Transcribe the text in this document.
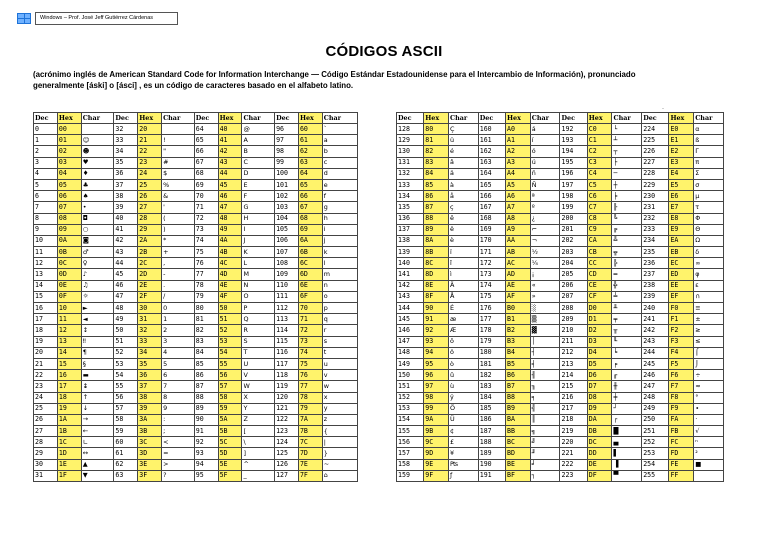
Windows – Prof. José Jeff Gutiérrez Cárdenas
CÓDIGOS ASCII
(acrónimo inglés de American Standard Code for Information Interchange — Código Estándar Estadounidense para el Intercambio de Información), pronunciado
generalmente [áski] o [ásci] , es un código de caracteres basado en el alfabeto latino.
·
Dec	Hex	Char	Dec	Hex	Char	Dec	Hex	Char	Dec	Hex	Char
0	00		32	20		64	40	@	96	60	`
1	01	☺	33	21	!	65	41	A	97	61	a
2	02	☻	34	22	"	66	42	B	98	62	b
3	03	♥	35	23	#	67	43	C	99	63	c
4	04	♦	36	24	$	68	44	D	100	64	d
5	05	♣	37	25	%	69	45	E	101	65	e
6	06	♠	38	26	&	70	46	F	102	66	f
7	07	•	39	27	'	71	47	G	103	67	g
8	08	◘	40	28	(	72	48	H	104	68	h
9	09	○	41	29	)	73	49	I	105	69	i
10	0A	◙	42	2A	*	74	4A	J	106	6A	j
11	0B	♂	43	2B	+	75	4B	K	107	6B	k
12	0C	♀	44	2C	,	76	4C	L	108	6C	l
13	0D	♪	45	2D	-	77	4D	M	109	6D	m
14	0E	♫	46	2E	.	78	4E	N	110	6E	n
15	0F	☼	47	2F	/	79	4F	O	111	6F	o
16	10	►	48	30	0	80	50	P	112	70	p
17	11	◄	49	31	1	81	51	Q	113	71	q
18	12	↕	50	32	2	82	52	R	114	72	r
19	13	‼	51	33	3	83	53	S	115	73	s
20	14	¶	52	34	4	84	54	T	116	74	t
21	15	§	53	35	5	85	55	U	117	75	u
22	16	▬	54	36	6	86	56	V	118	76	v
23	17	↨	55	37	7	87	57	W	119	77	w
24	18	↑	56	38	8	88	58	X	120	78	x
25	19	↓	57	39	9	89	59	Y	121	79	y
26	1A	→	58	3A	:	90	5A	Z	122	7A	z
27	1B	←	59	3B	;	91	5B	[	123	7B	{
28	1C	∟	60	3C	<	92	5C	\	124	7C	|
29	1D	↔	61	3D	=	93	5D	]	125	7D	}
30	1E	▲	62	3E	>	94	5E	^	126	7E	~
31	1F	▼	63	3F	?	95	5F	_	127	7F	⌂
Dec	Hex	Char	Dec	Hex	Char	Dec	Hex	Char	Dec	Hex	Char
128	80	Ç	160	A0	á	192	C0	└	224	E0	α
129	81	ü	161	A1	í	193	C1	┴	225	E1	ß
130	82	é	162	A2	ó	194	C2	┬	226	E2	Γ
131	83	â	163	A3	ú	195	C3	├	227	E3	π
132	84	ä	164	A4	ñ	196	C4	─	228	E4	Σ
133	85	à	165	A5	Ñ	197	C5	┼	229	E5	σ
134	86	å	166	A6	ª	198	C6	╞	230	E6	µ
135	87	ç	167	A7	º	199	C7	╟	231	E7	τ
136	88	ê	168	A8	¿	200	C8	╚	232	E8	Φ
137	89	ë	169	A9	⌐	201	C9	╔	233	E9	Θ
138	8A	è	170	AA	¬	202	CA	╩	234	EA	Ω
139	8B	ï	171	AB	½	203	CB	╦	235	EB	δ
140	8C	î	172	AC	¼	204	CC	╠	236	EC	∞
141	8D	ì	173	AD	¡	205	CD	═	237	ED	φ
142	8E	Ä	174	AE	«	206	CE	╬	238	EE	ε
143	8F	Å	175	AF	»	207	CF	╧	239	EF	∩
144	90	É	176	B0	░	208	D0	╨	240	F0	≡
145	91	æ	177	B1	▒	209	D1	╤	241	F1	±
146	92	Æ	178	B2	▓	210	D2	╥	242	F2	≥
147	93	ô	179	B3	│	211	D3	╙	243	F3	≤
148	94	ö	180	B4	┤	212	D4	╘	244	F4	⌠
149	95	ò	181	B5	╡	213	D5	╒	245	F5	⌡
150	96	û	182	B6	╢	214	D6	╓	246	F6	÷
151	97	ù	183	B7	╖	215	D7	╫	247	F7	≈
152	98	ÿ	184	B8	╕	216	D8	╪	248	F8	°
153	99	Ö	185	B9	╣	217	D9	┘	249	F9	∙
154	9A	Ü	186	BA	║	218	DA	┌	250	FA	·
155	9B	¢	187	BB	╗	219	DB	█	251	FB	√
156	9C	£	188	BC	╝	220	DC	▄	252	FC	ⁿ
157	9D	¥	189	BD	╜	221	DD	▌	253	FD	²
158	9E	₧	190	BE	╛	222	DE	▐	254	FE	■
159	9F	ƒ	191	BF	┐	223	DF	▀	255	FF	
